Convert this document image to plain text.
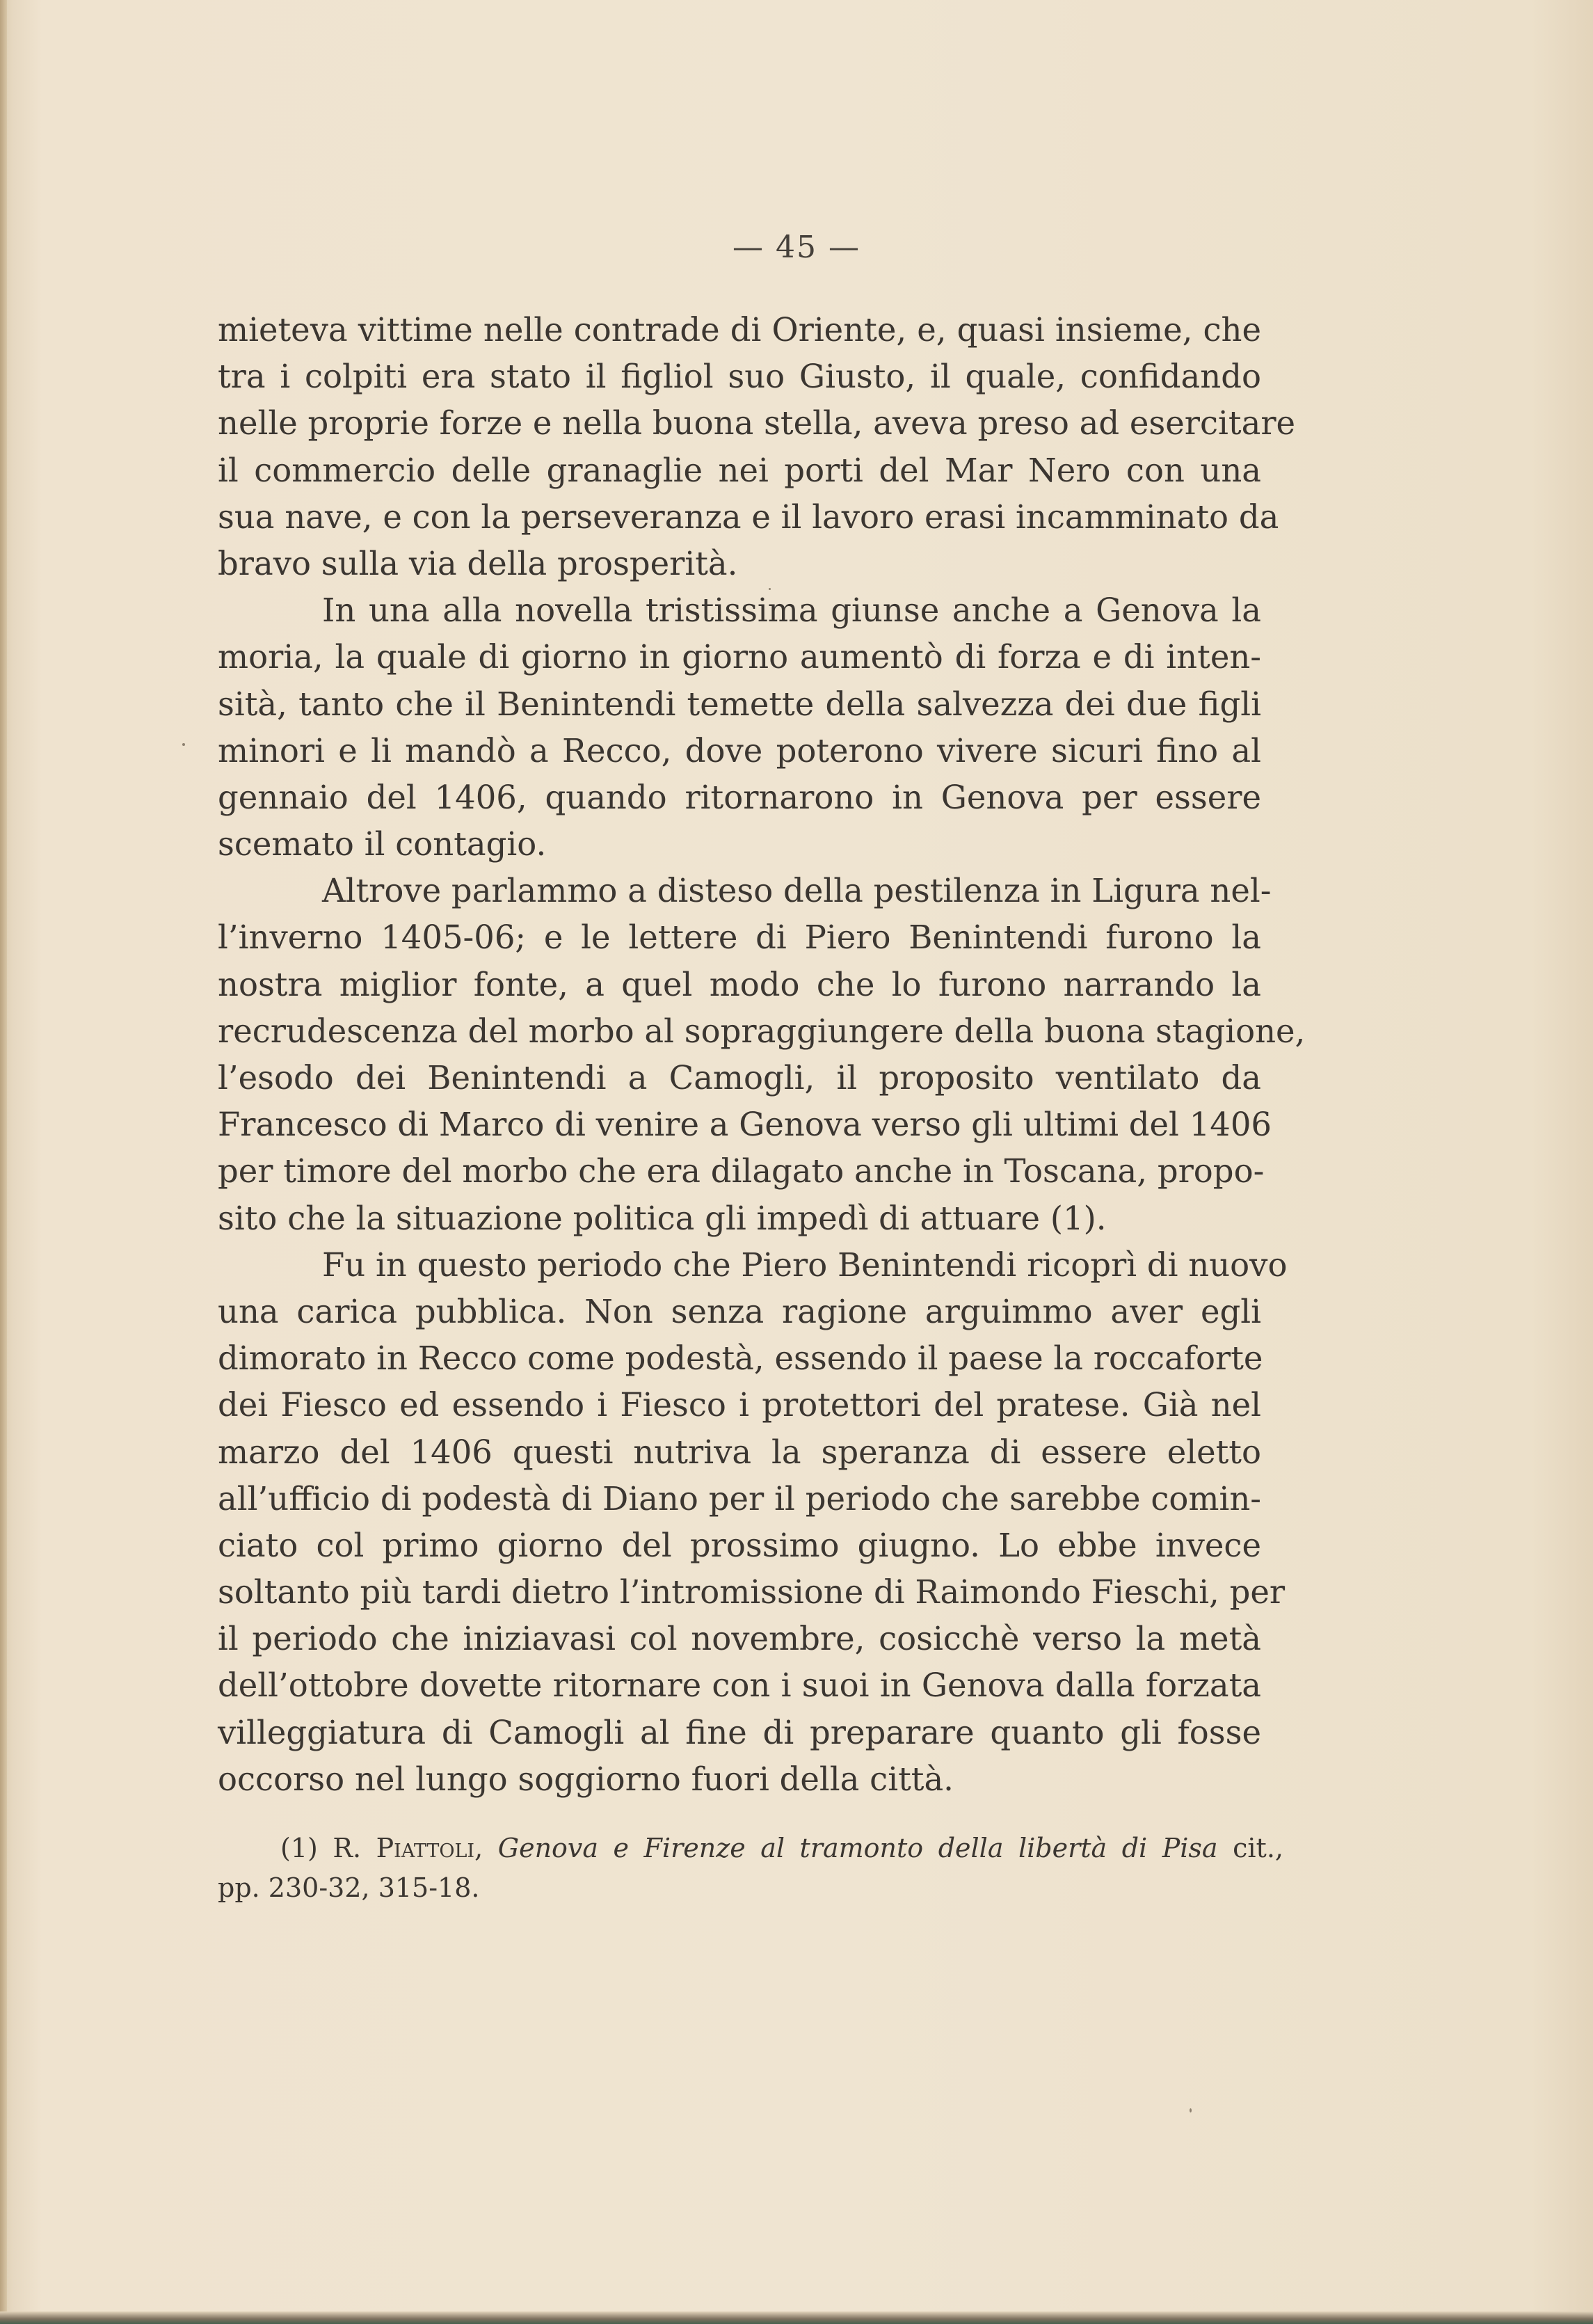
— 45 —
mieteva vittime nelle contrade di Oriente, e, quasi insieme, che
tra i colpiti era stato il figliol suo Giusto, il quale, confidando
nelle proprie forze e nella buona stella, aveva preso ad esercitare
il commercio delle granaglie nei porti del Mar Nero con una
sua nave, e con la perseveranza e il lavoro erasi incamminato da
bravo sulla via della prosperità.
In una alla novella tristissima giunse anche a Genova la
moria, la quale di giorno in giorno aumentò di forza e di inten-
sità, tanto che il Benintendi temette della salvezza dei due figli
minori e li mandò a Recco, dove poterono vivere sicuri fino al
gennaio del 1406, quando ritornarono in Genova per essere
scemato il contagio.
Altrove parlammo a disteso della pestilenza in Ligura nel-
l’inverno 1405-06; e le lettere di Piero Benintendi furono la
nostra miglior fonte, a quel modo che lo furono narrando la
recrudescenza del morbo al sopraggiungere della buona stagione,
l’esodo dei Benintendi a Camogli, il proposito ventilato da
Francesco di Marco di venire a Genova verso gli ultimi del 1406
per timore del morbo che era dilagato anche in Toscana, propo-
sito che la situazione politica gli impedì di attuare (1).
Fu in questo periodo che Piero Benintendi ricoprì di nuovo
una carica pubblica. Non senza ragione arguimmo aver egli
dimorato in Recco come podestà, essendo il paese la roccaforte
dei Fiesco ed essendo i Fiesco i protettori del pratese. Già nel
marzo del 1406 questi nutriva la speranza di essere eletto
all’ufficio di podestà di Diano per il periodo che sarebbe comin-
ciato col primo giorno del prossimo giugno. Lo ebbe invece
soltanto più tardi dietro l’intromissione di Raimondo Fieschi, per
il periodo che iniziavasi col novembre, cosicchè verso la metà
dell’ottobre dovette ritornare con i suoi in Genova dalla forzata
villeggiatura di Camogli al fine di preparare quanto gli fosse
occorso nel lungo soggiorno fuori della città.
(1) R. Piattoli, Genova e Firenze al tramonto della libertà di Pisa cit.,
pp. 230-32, 315-18.
